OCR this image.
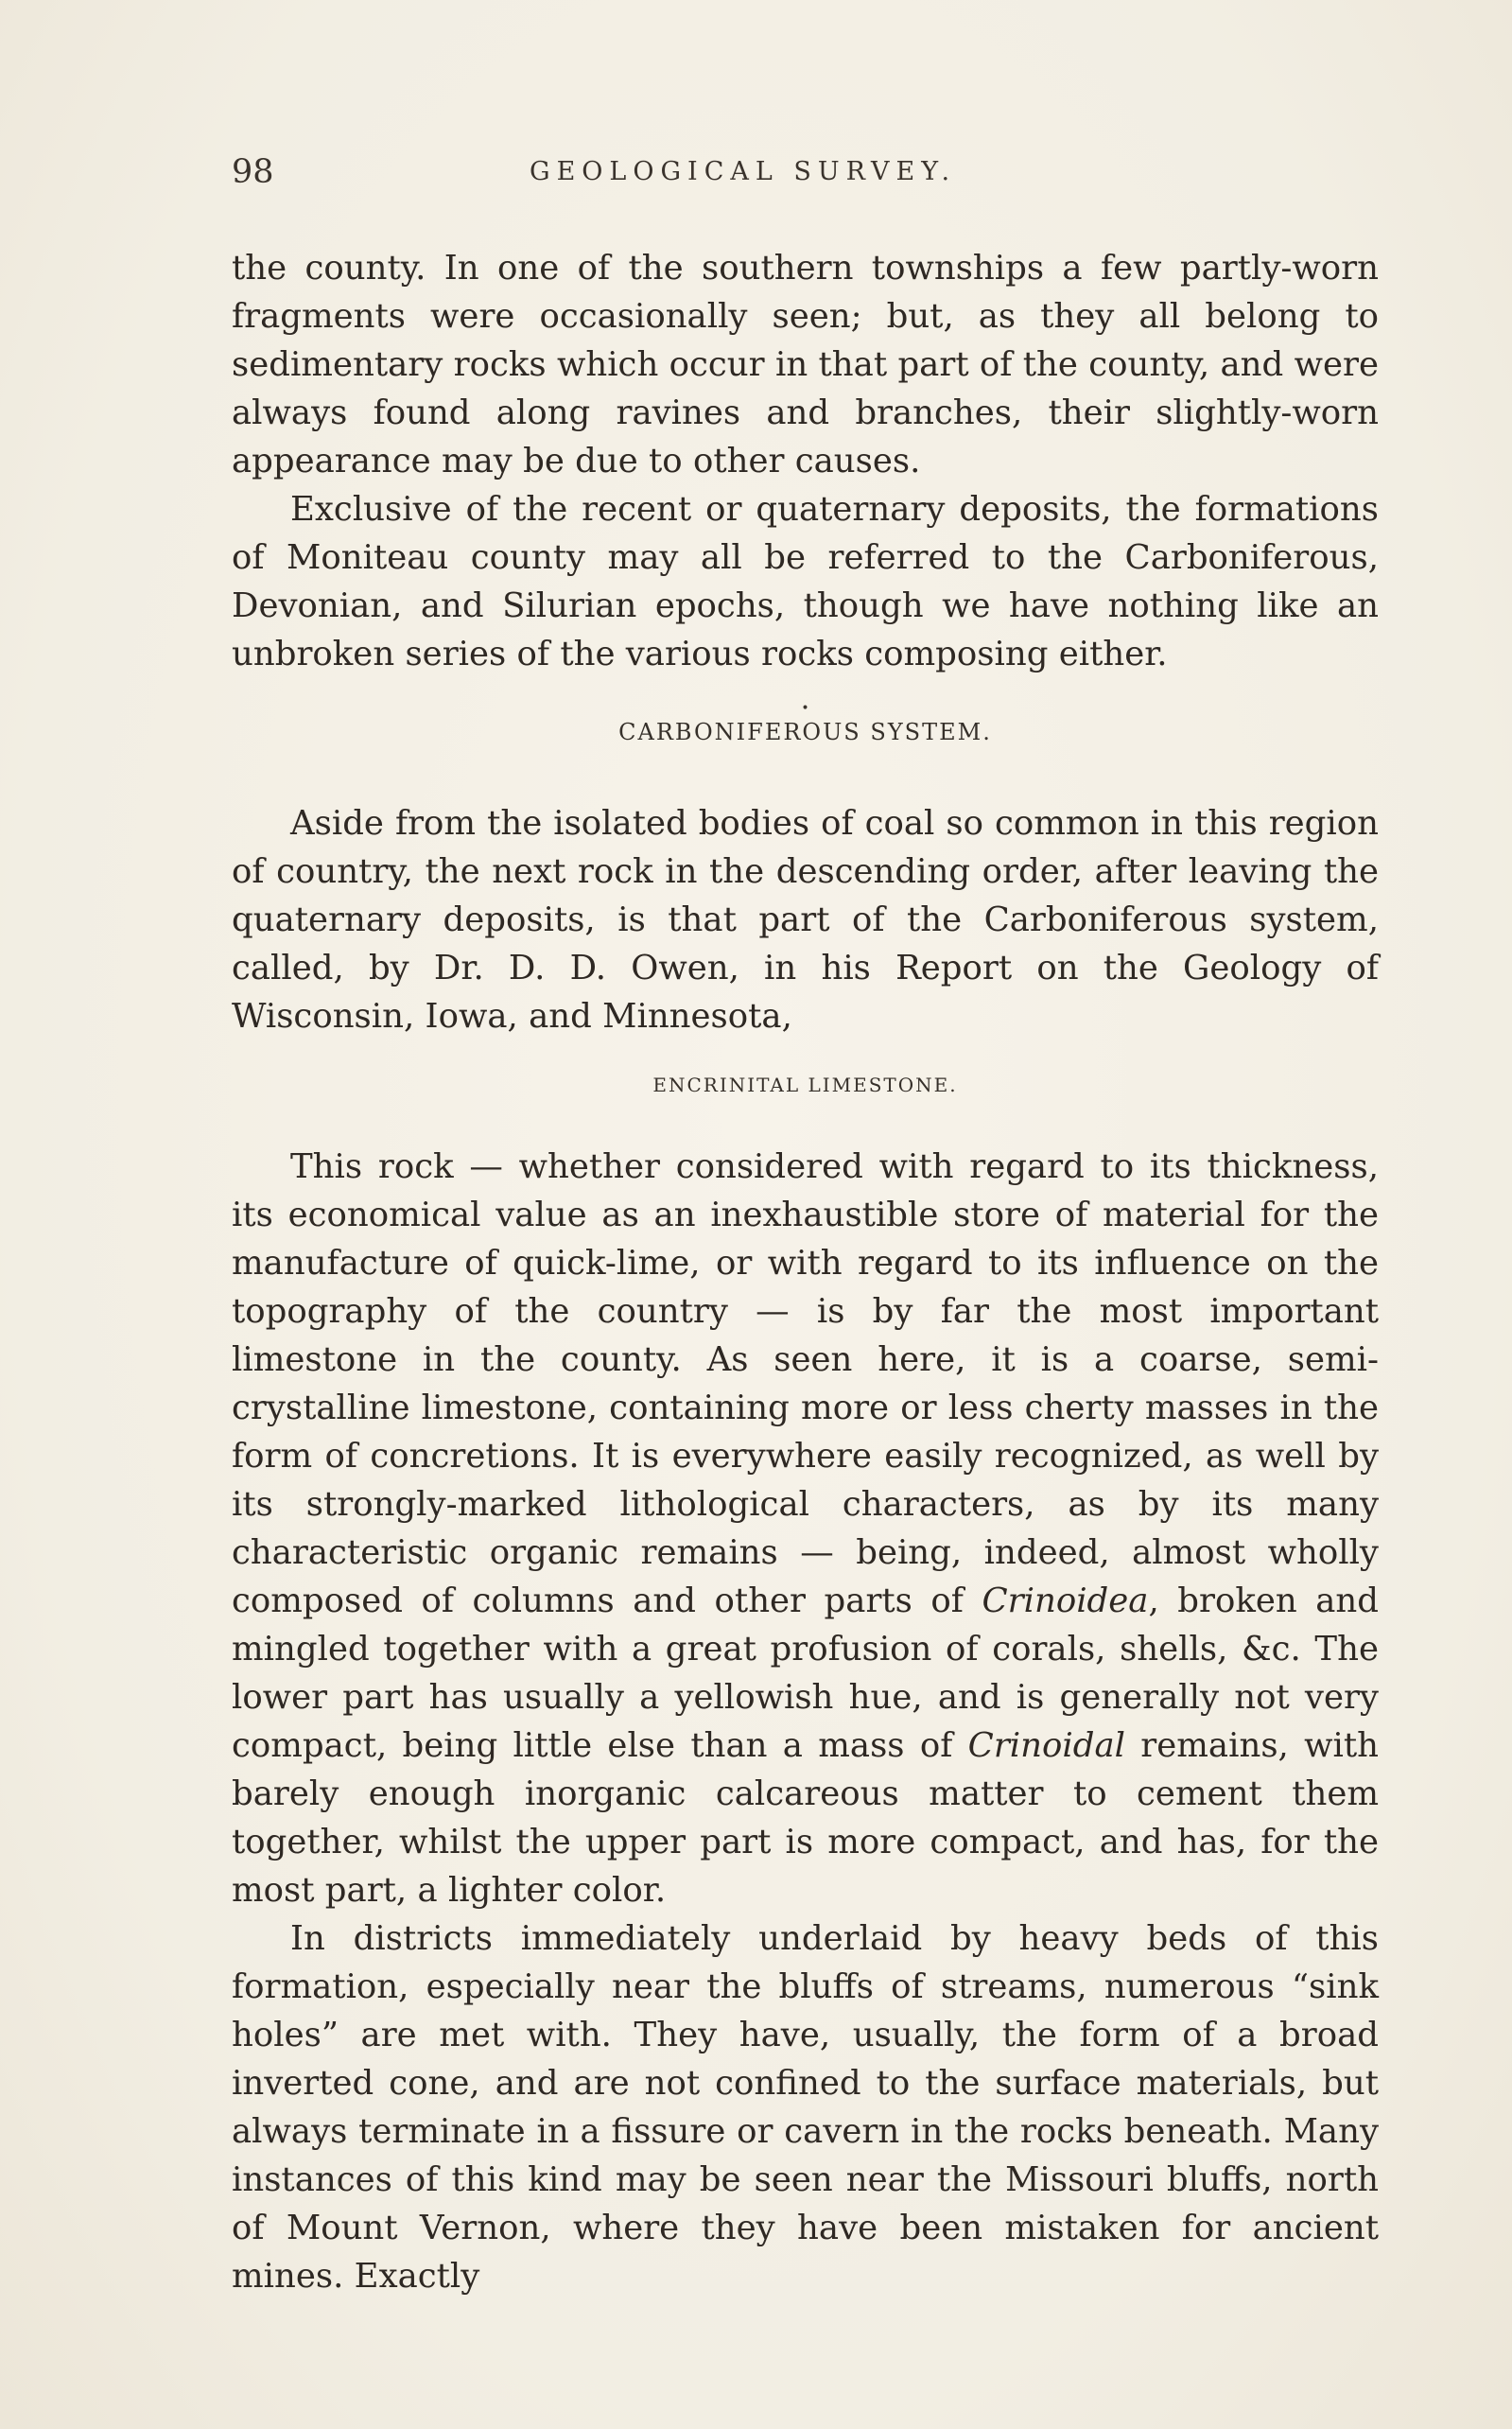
98	GEOLOGICAL SURVEY.

the county. In one of the southern townships a few partly-worn fragments were occasionally seen; but, as they all belong to sedimentary rocks which occur in that part of the county, and were always found along ravines and branches, their slightly-worn appearance may be due to other causes.

Exclusive of the recent or quaternary deposits, the formations of Moniteau county may all be referred to the Carboniferous, Devonian, and Silurian epochs, though we have nothing like an unbroken series of the various rocks composing either.

•
CARBONIFEROUS SYSTEM.

Aside from the isolated bodies of coal so common in this region of country, the next rock in the descending order, after leaving the quaternary deposits, is that part of the Carboniferous system, called, by Dr. D. D. Owen, in his Report on the Geology of Wisconsin, Iowa, and Minnesota,

ENCRINITAL LIMESTONE.

This rock — whether considered with regard to its thickness, its economical value as an inexhaustible store of material for the manufacture of quick-lime, or with regard to its influence on the topography of the country — is by far the most important limestone in the county. As seen here, it is a coarse, semi-crystalline limestone, containing more or less cherty masses in the form of concretions. It is everywhere easily recognized, as well by its strongly-marked lithological characters, as by its many characteristic organic remains — being, indeed, almost wholly composed of columns and other parts of Crinoidea, broken and mingled together with a great profusion of corals, shells, &c. The lower part has usually a yellowish hue, and is generally not very compact, being little else than a mass of Crinoidal remains, with barely enough inorganic calcareous matter to cement them together, whilst the upper part is more compact, and has, for the most part, a lighter color.

In districts immediately underlaid by heavy beds of this formation, especially near the bluffs of streams, numerous “sink holes” are met with. They have, usually, the form of a broad inverted cone, and are not confined to the surface materials, but always terminate in a fissure or cavern in the rocks beneath. Many instances of this kind may be seen near the Missouri bluffs, north of Mount Vernon, where they have been mistaken for ancient mines. Exactly
